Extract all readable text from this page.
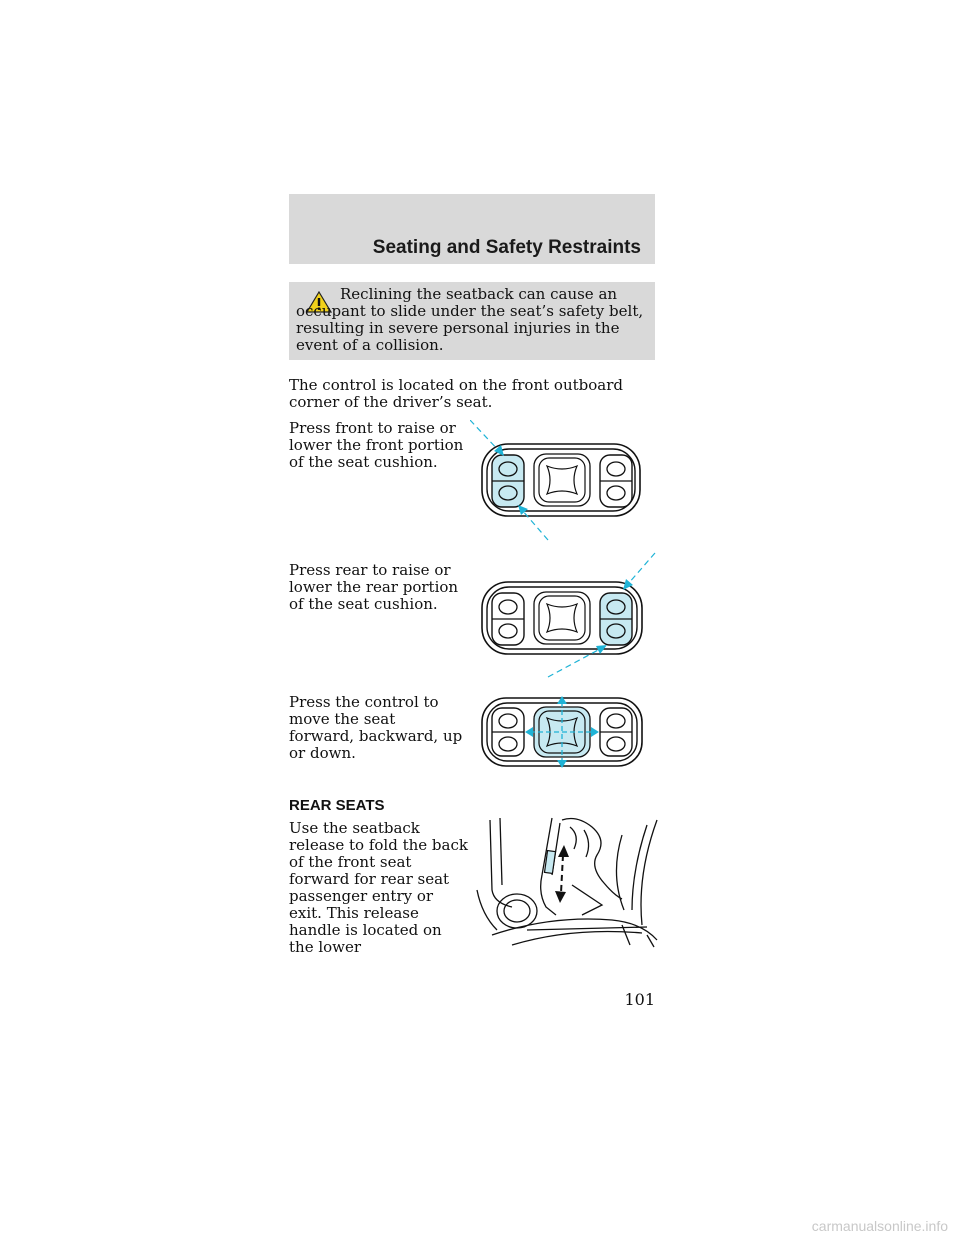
Seating and Safety Restraints
Reclining the seatback can cause an occupant to slide under the seat’s safety belt, resulting in severe personal injuries in the event of a collision.
The control is located on the front outboard corner of the driver’s seat.
Press front to raise or lower the front portion of the seat cushion.
Press rear to raise or lower the rear portion of the seat cushion.
Press the control to move the seat forward, backward, up or down.
REAR SEATS
Use the seatback release to fold the back of the front seat forward for rear seat passenger entry or exit. This release handle is located on the lower
101
carmanualsonline.info
